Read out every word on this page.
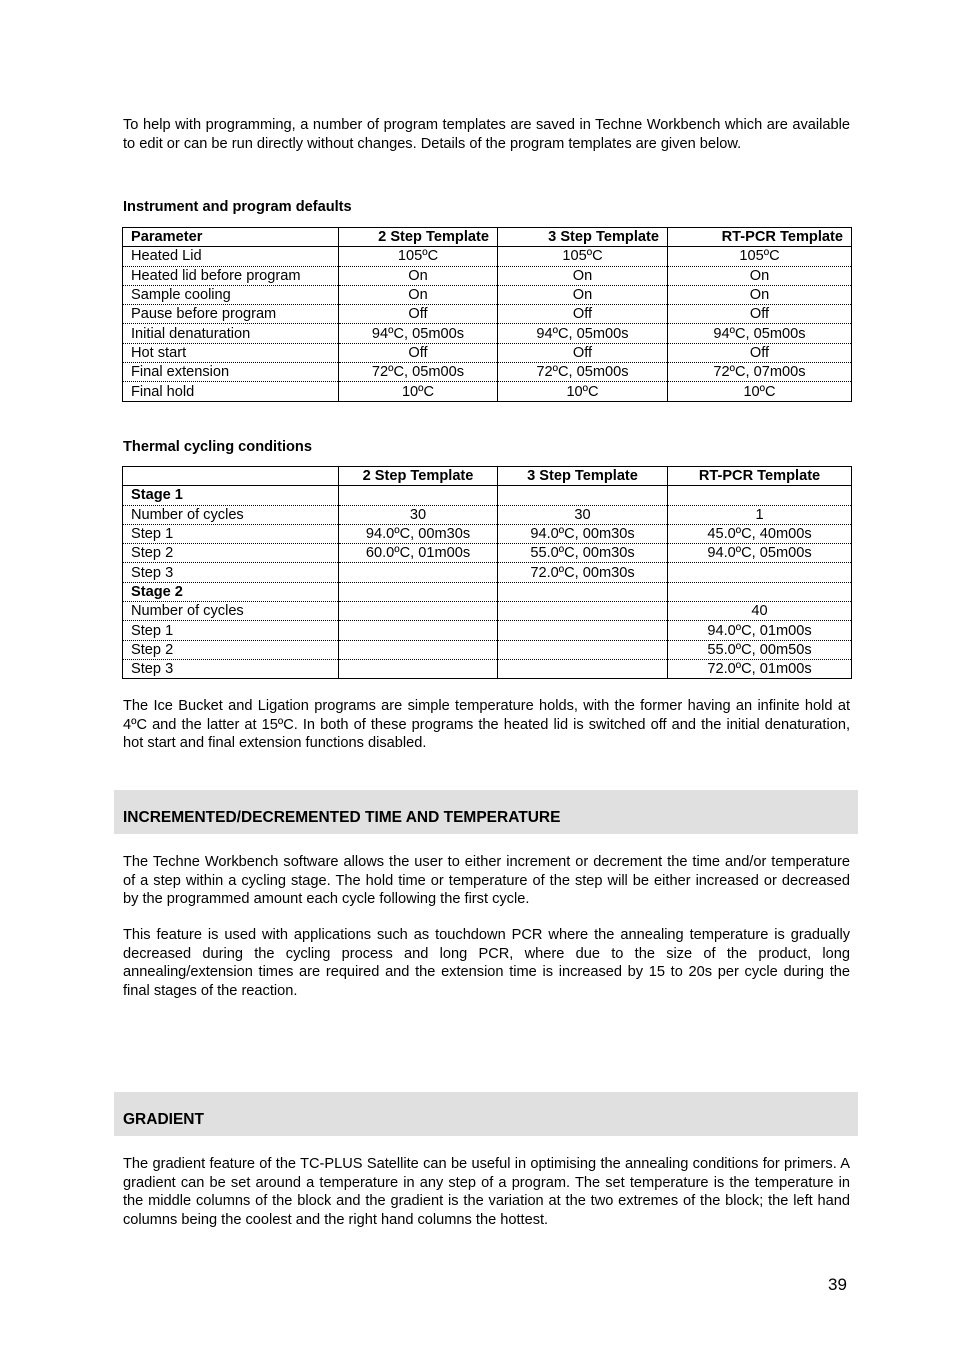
To help with programming, a number of program templates are saved in Techne Workbench which are available to edit or can be run directly without changes. Details of the program templates are given below.

Instrument and program defaults

Parameter	2 Step Template	3 Step Template	RT-PCR Template
Heated Lid	105ºC	105ºC	105ºC
Heated lid before program	On	On	On
Sample cooling	On	On	On
Pause before program	Off	Off	Off
Initial denaturation	94ºC, 05m00s	94ºC, 05m00s	94ºC, 05m00s
Hot start	Off	Off	Off
Final extension	72ºC, 05m00s	72ºC, 05m00s	72ºC, 07m00s
Final hold	10ºC	10ºC	10ºC

Thermal cycling conditions

	2 Step Template	3 Step Template	RT-PCR Template
Stage 1			
Number of cycles	30	30	1
Step 1	94.0ºC, 00m30s	94.0ºC, 00m30s	45.0ºC, 40m00s
Step 2	60.0ºC, 01m00s	55.0ºC, 00m30s	94.0ºC, 05m00s
Step 3		72.0ºC, 00m30s	
Stage 2			
Number of cycles			40
Step 1			94.0ºC, 01m00s
Step 2			55.0ºC, 00m50s
Step 3			72.0ºC, 01m00s

The Ice Bucket and Ligation programs are simple temperature holds, with the former having an infinite hold at 4ºC and the latter at 15ºC. In both of these programs the heated lid is switched off and the initial denaturation, hot start and final extension functions disabled.

INCREMENTED/DECREMENTED TIME AND TEMPERATURE

The Techne Workbench software allows the user to either increment or decrement the time and/or temperature of a step within a cycling stage. The hold time or temperature of the step will be either increased or decreased by the programmed amount each cycle following the first cycle.

This feature is used with applications such as touchdown PCR where the annealing temperature is gradually decreased during the cycling process and long PCR, where due to the size of the product, long annealing/extension times are required and the extension time is increased by 15 to 20s per cycle during the final stages of the reaction.

GRADIENT

The gradient feature of the TC-PLUS Satellite can be useful in optimising the annealing conditions for primers. A gradient can be set around a temperature in any step of a program. The set temperature is the temperature in the middle columns of the block and the gradient is the variation at the two extremes of the block; the left hand columns being the coolest and the right hand columns the hottest.

39
